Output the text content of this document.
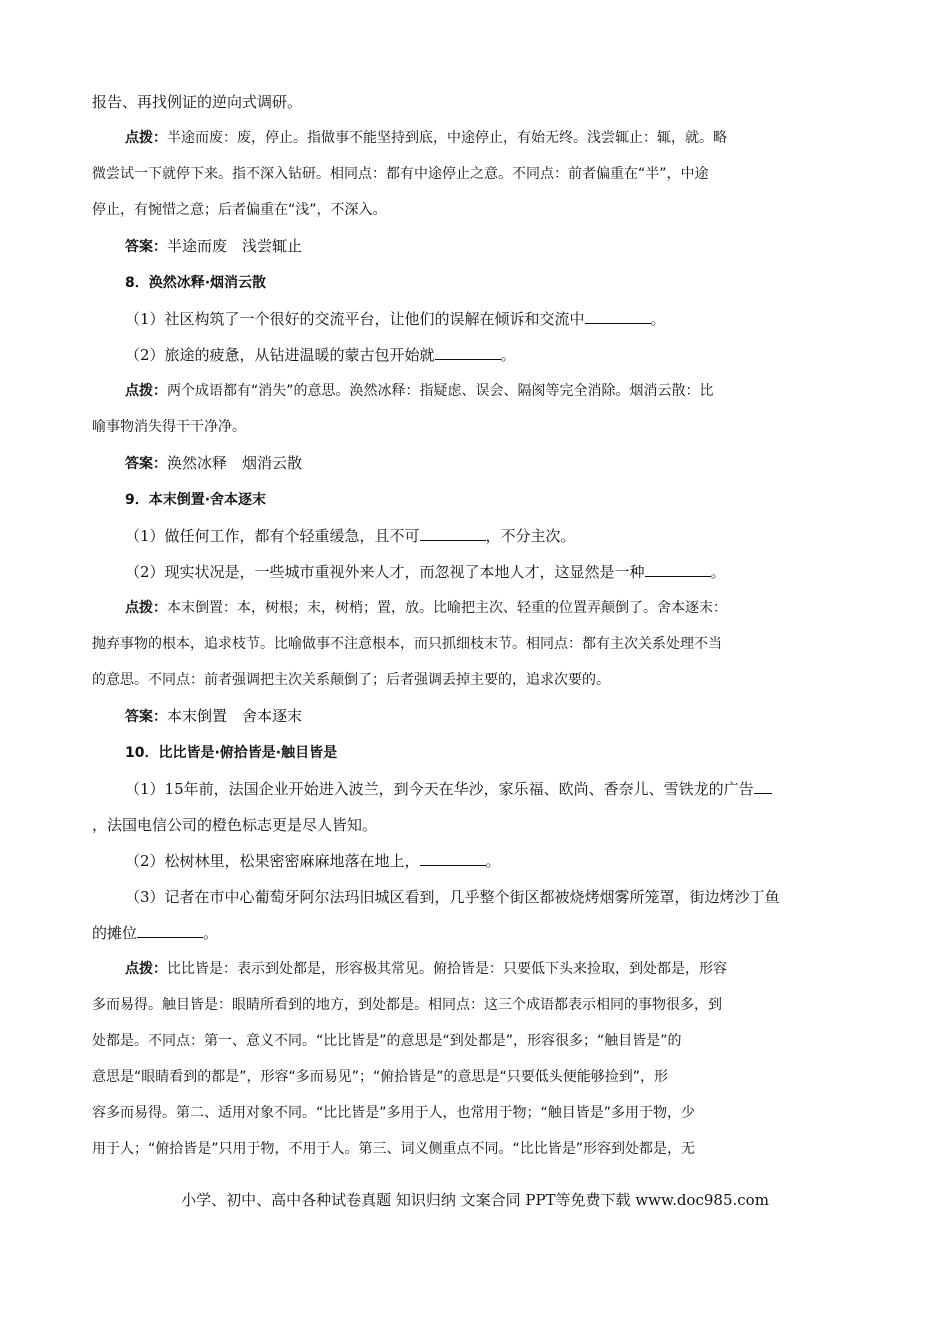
报告、再找例证的逆向式调研。

点拨：半途而废：废，停止。指做事不能坚持到底，中途停止，有始无终。浅尝辄止：辄，就。略

微尝试一下就停下来。指不深入钻研。相同点：都有中途停止之意。不同点：前者偏重在“半”，中途

停止，有惋惜之意；后者偏重在“浅”，不深入。

答案：半途而废　浅尝辄止

8．涣然冰释·烟消云散

（1）社区构筑了一个很好的交流平台，让他们的误解在倾诉和交流中	。

（2）旅途的疲惫，从钻进温暖的蒙古包开始就	。

点拨：两个成语都有“消失”的意思。涣然冰释：指疑虑、误会、隔阂等完全消除。烟消云散：比

喻事物消失得干干净净。

答案：涣然冰释　烟消云散

9．本末倒置·舍本逐末

（1）做任何工作，都有个轻重缓急，且不可	，不分主次。

（2）现实状况是，一些城市重视外来人才，而忽视了本地人才，这显然是一种	。

点拨：本末倒置：本，树根；末，树梢；置，放。比喻把主次、轻重的位置弄颠倒了。舍本逐末：

抛弃事物的根本，追求枝节。比喻做事不注意根本，而只抓细枝末节。相同点：都有主次关系处理不当

的意思。不同点：前者强调把主次关系颠倒了；后者强调丢掉主要的，追求次要的。

答案：本末倒置　舍本逐末

10．比比皆是·俯拾皆是·触目皆是

（1）15年前，法国企业开始进入波兰，到今天在华沙，家乐福、欧尚、香奈儿、雪铁龙的广告

，法国电信公司的橙色标志更是尽人皆知。

（2）松树林里，松果密密麻麻地落在地上，	。

（3）记者在市中心葡萄牙阿尔法玛旧城区看到，几乎整个街区都被烧烤烟雾所笼罩，街边烤沙丁鱼

的摊位	。

点拨：比比皆是：表示到处都是，形容极其常见。俯拾皆是：只要低下头来捡取，到处都是，形容

多而易得。触目皆是：眼睛所看到的地方，到处都是。相同点：这三个成语都表示相同的事物很多，到

处都是。不同点：第一、意义不同。“比比皆是”的意思是“到处都是”，形容很多；“触目皆是”的

意思是“眼睛看到的都是”，形容“多而易见”；“俯拾皆是”的意思是“只要低头便能够捡到”，形

容多而易得。第二、适用对象不同。“比比皆是”多用于人，也常用于物；“触目皆是”多用于物，少

用于人；“俯拾皆是”只用于物，不用于人。第三、词义侧重点不同。“比比皆是”形容到处都是，无

小学、初中、高中各种试卷真题 知识归纳 文案合同 PPT等免费下载 www.doc985.com
